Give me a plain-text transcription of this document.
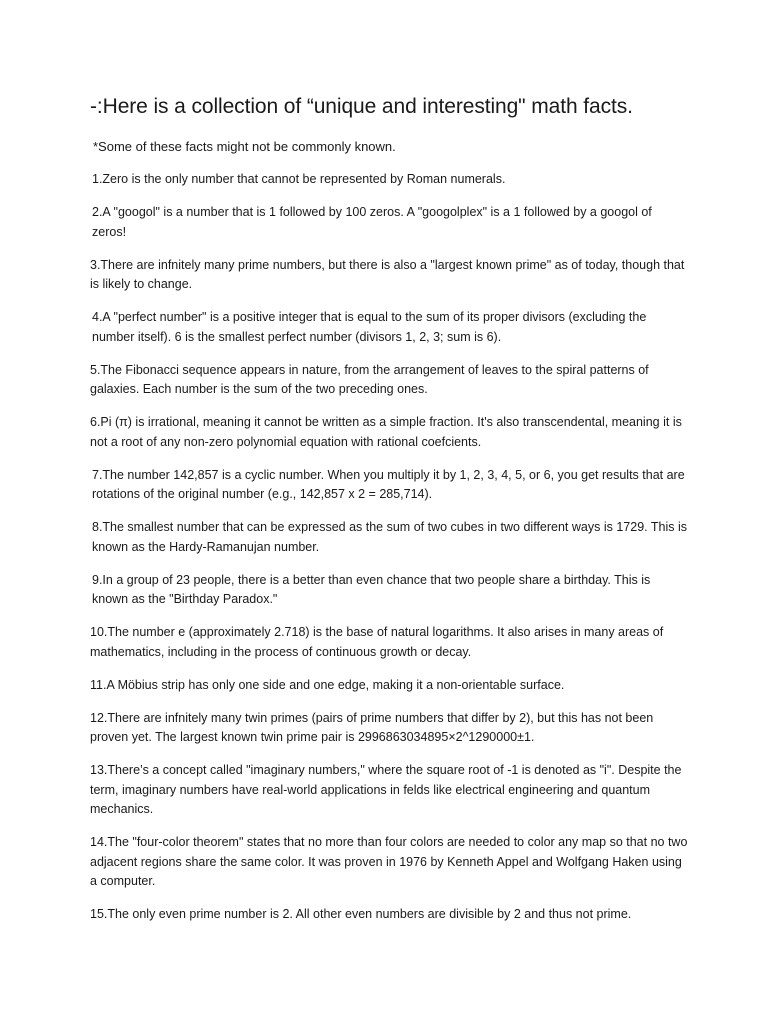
-:Here is a collection of “unique and interesting" math facts.

*Some of these facts might not be commonly known.

1.Zero is the only number that cannot be represented by Roman numerals.
2.A "googol" is a number that is 1 followed by 100 zeros. A "googolplex" is a 1 followed by a googol of zeros!
3.There are infnitely many prime numbers, but there is also a "largest known prime" as of today, though that is likely to change.
4.A "perfect number" is a positive integer that is equal to the sum of its proper divisors (excluding the number itself). 6 is the smallest perfect number (divisors 1, 2, 3; sum is 6).
5.The Fibonacci sequence appears in nature, from the arrangement of leaves to the spiral patterns of galaxies. Each number is the sum of the two preceding ones.
6.Pi (π) is irrational, meaning it cannot be written as a simple fraction. It's also transcendental, meaning it is not a root of any non-zero polynomial equation with rational coefcients.
7.The number 142,857 is a cyclic number. When you multiply it by 1, 2, 3, 4, 5, or 6, you get results that are rotations of the original number (e.g., 142,857 x 2 = 285,714).
8.The smallest number that can be expressed as the sum of two cubes in two different ways is 1729. This is known as the Hardy-Ramanujan number.
9.In a group of 23 people, there is a better than even chance that two people share a birthday. This is known as the "Birthday Paradox."
10.The number e (approximately 2.718) is the base of natural logarithms. It also arises in many areas of mathematics, including in the process of continuous growth or decay.
11.A Möbius strip has only one side and one edge, making it a non-orientable surface.
12.There are infnitely many twin primes (pairs of prime numbers that differ by 2), but this has not been proven yet. The largest known twin prime pair is 2996863034895×2^1290000±1.
13.There’s a concept called "imaginary numbers," where the square root of -1 is denoted as "i". Despite the term, imaginary numbers have real-world applications in felds like electrical engineering and quantum mechanics.
14.The "four-color theorem" states that no more than four colors are needed to color any map so that no two adjacent regions share the same color. It was proven in 1976 by Kenneth Appel and Wolfgang Haken using a computer.
15.The only even prime number is 2. All other even numbers are divisible by 2 and thus not prime.
